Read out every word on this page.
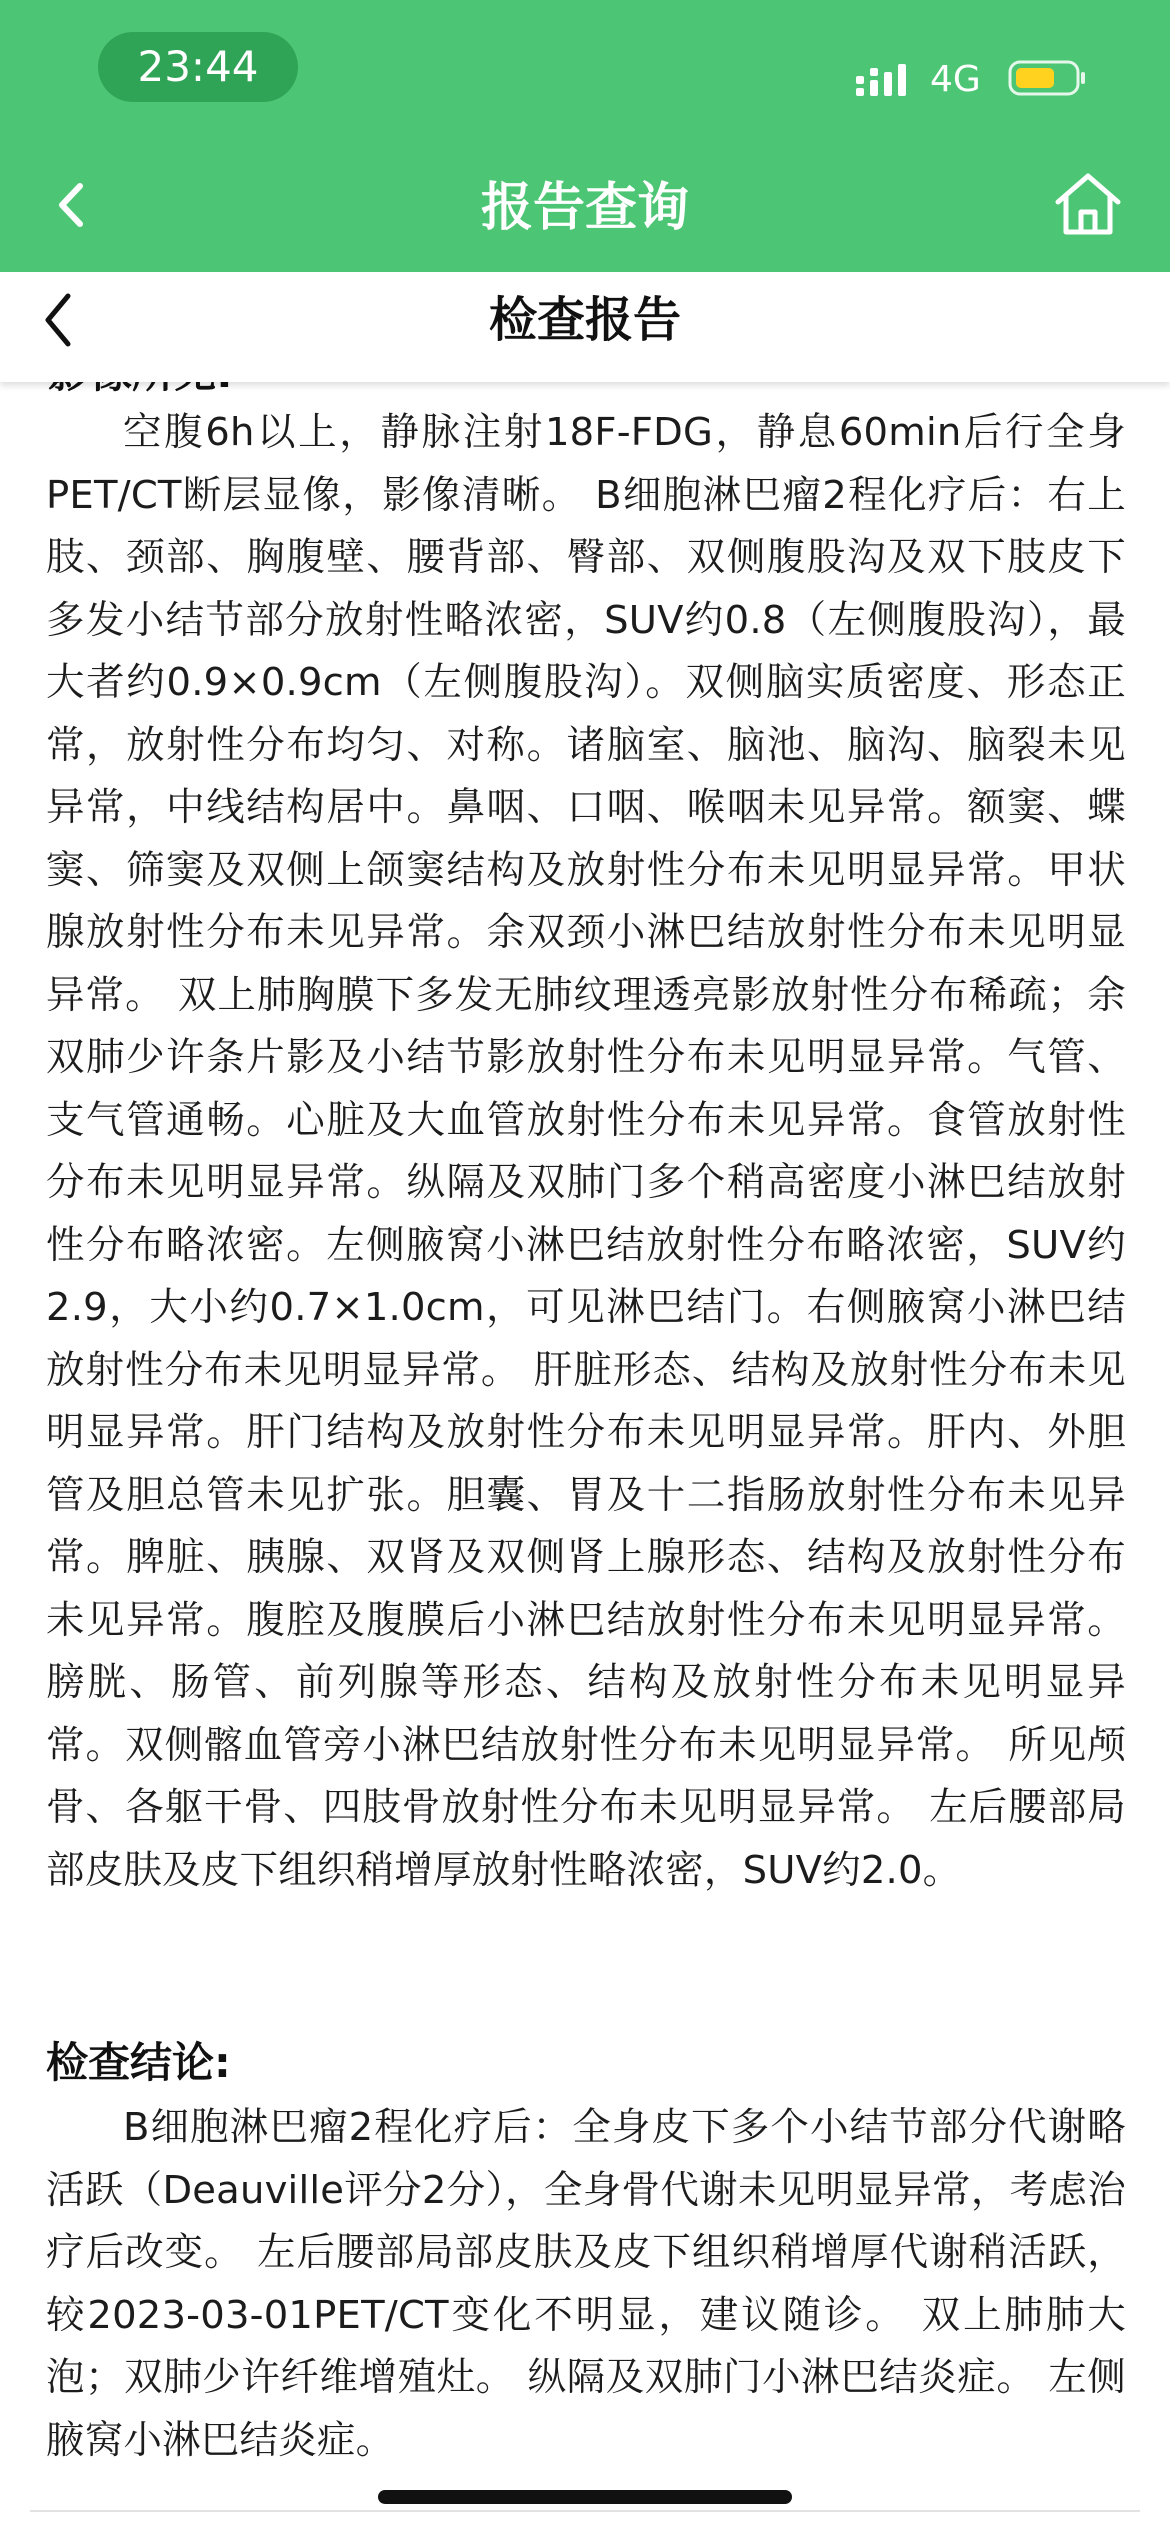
23:44	4G
报告查询
检查报告

空腹6h以上，静脉注射18F-FDG，静息60min后行全身PET/CT断层显像，影像清晰。 B细胞淋巴瘤2程化疗后：右上肢、颈部、胸腹壁、腰背部、臀部、双侧腹股沟及双下肢皮下多发小结节部分放射性略浓密，SUV约0.8（左侧腹股沟），最大者约0.9×0.9cm（左侧腹股沟）。双侧脑实质密度、形态正常，放射性分布均匀、对称。诸脑室、脑池、脑沟、脑裂未见异常，中线结构居中。鼻咽、口咽、喉咽未见异常。额窦、蝶窦、筛窦及双侧上颌窦结构及放射性分布未见明显异常。甲状腺放射性分布未见异常。余双颈小淋巴结放射性分布未见明显异常。 双上肺胸膜下多发无肺纹理透亮影放射性分布稀疏；余双肺少许条片影及小结节影放射性分布未见明显异常。气管、支气管通畅。心脏及大血管放射性分布未见异常。食管放射性分布未见明显异常。纵隔及双肺门多个稍高密度小淋巴结放射性分布略浓密。左侧腋窝小淋巴结放射性分布略浓密，SUV约2.9，大小约0.7×1.0cm，可见淋巴结门。右侧腋窝小淋巴结放射性分布未见明显异常。 肝脏形态、结构及放射性分布未见明显异常。肝门结构及放射性分布未见明显异常。肝内、外胆管及胆总管未见扩张。胆囊、胃及十二指肠放射性分布未见异常。脾脏、胰腺、双肾及双侧肾上腺形态、结构及放射性分布未见异常。腹腔及腹膜后小淋巴结放射性分布未见明显异常。 膀胱、肠管、前列腺等形态、结构及放射性分布未见明显异常。双侧髂血管旁小淋巴结放射性分布未见明显异常。 所见颅骨、各躯干骨、四肢骨放射性分布未见明显异常。 左后腰部局部皮肤及皮下组织稍增厚放射性略浓密，SUV约2.0。

检查结论:

B细胞淋巴瘤2程化疗后：全身皮下多个小结节部分代谢略活跃（Deauville评分2分），全身骨代谢未见明显异常，考虑治疗后改变。 左后腰部局部皮肤及皮下组织稍增厚代谢稍活跃，较2023-03-01PET/CT变化不明显，建议随诊。 双上肺肺大泡；双肺少许纤维增殖灶。 纵隔及双肺门小淋巴结炎症。 左侧腋窝小淋巴结炎症。
